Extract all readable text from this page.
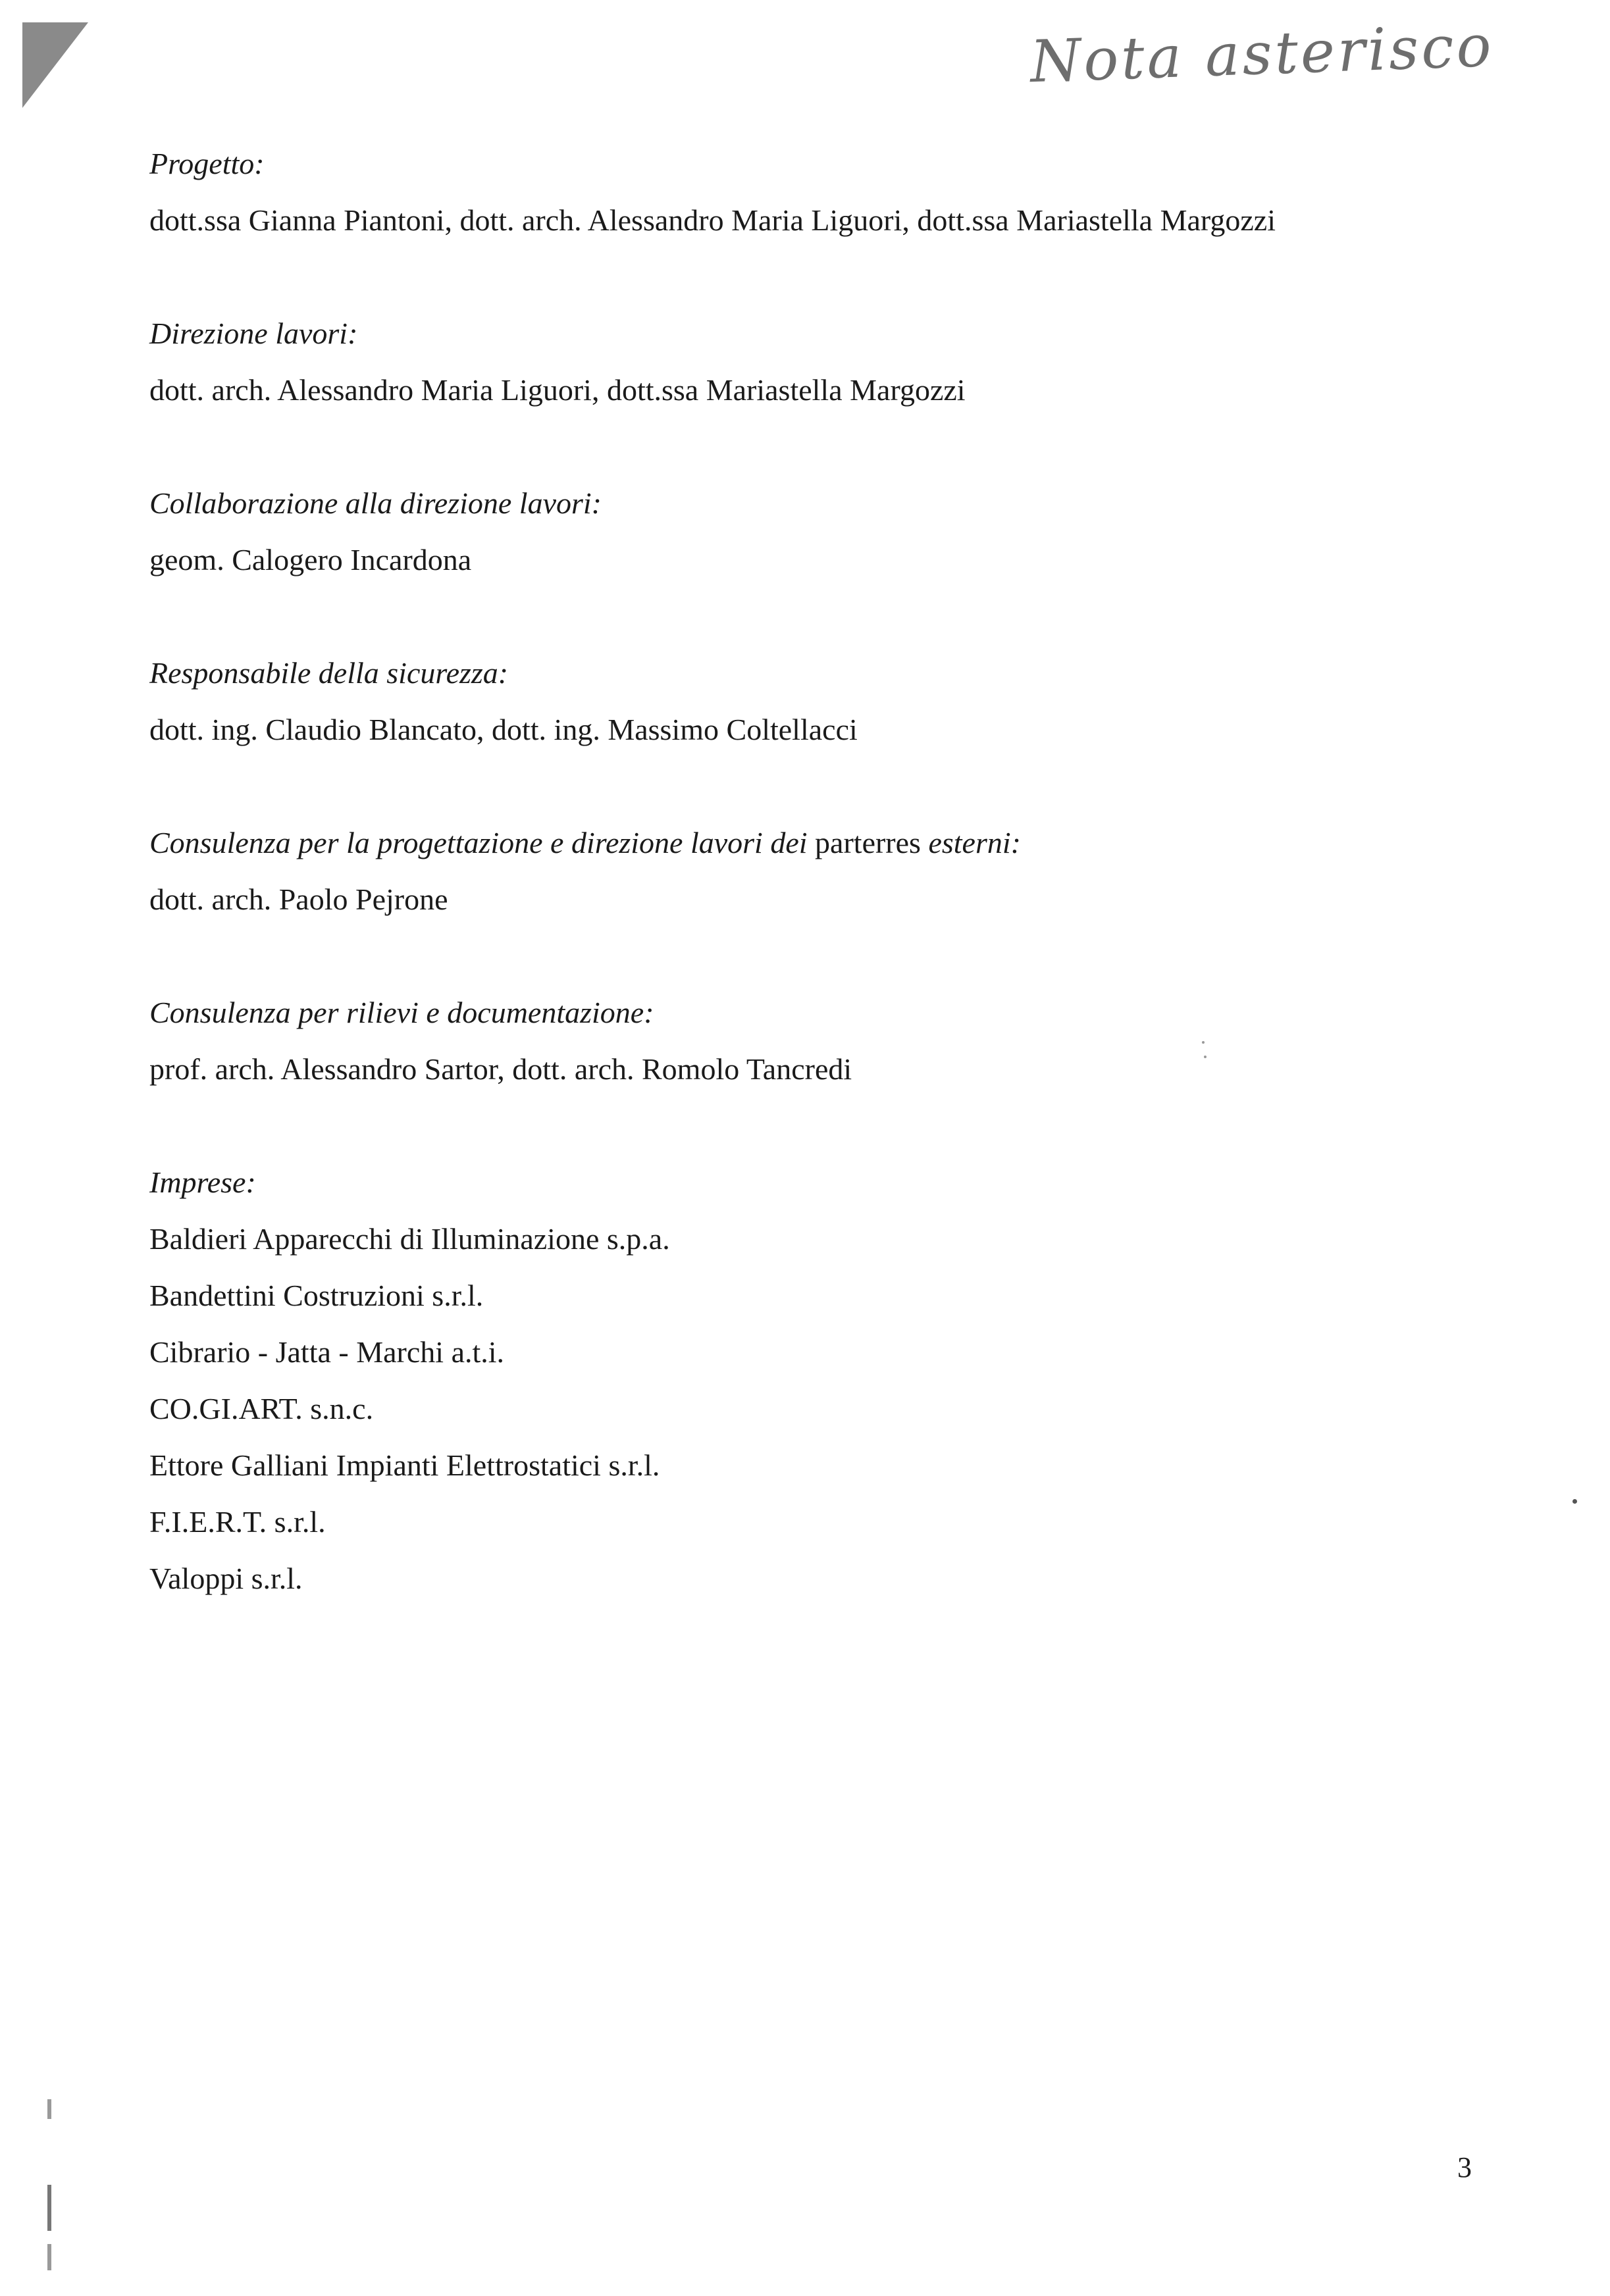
Nota asterisco

Progetto:

dott.ssa Gianna Piantoni, dott. arch. Alessandro Maria Liguori, dott.ssa Mariastella Margozzi

Direzione lavori:

dott. arch. Alessandro Maria Liguori, dott.ssa Mariastella Margozzi

Collaborazione alla direzione lavori:

geom. Calogero Incardona

Responsabile della sicurezza:

dott. ing. Claudio Blancato, dott. ing. Massimo Coltellacci

Consulenza per la progettazione e direzione lavori dei parterres esterni:

dott. arch. Paolo Pejrone

Consulenza per rilievi e documentazione:

prof. arch. Alessandro Sartor, dott. arch. Romolo Tancredi

Imprese:

Baldieri Apparecchi di Illuminazione s.p.a.

Bandettini Costruzioni s.r.l.

Cibrario - Jatta - Marchi a.t.i.

CO.GI.ART. s.n.c.

Ettore Galliani Impianti Elettrostatici s.r.l.

F.I.E.R.T. s.r.l.

Valoppi s.r.l.

3
